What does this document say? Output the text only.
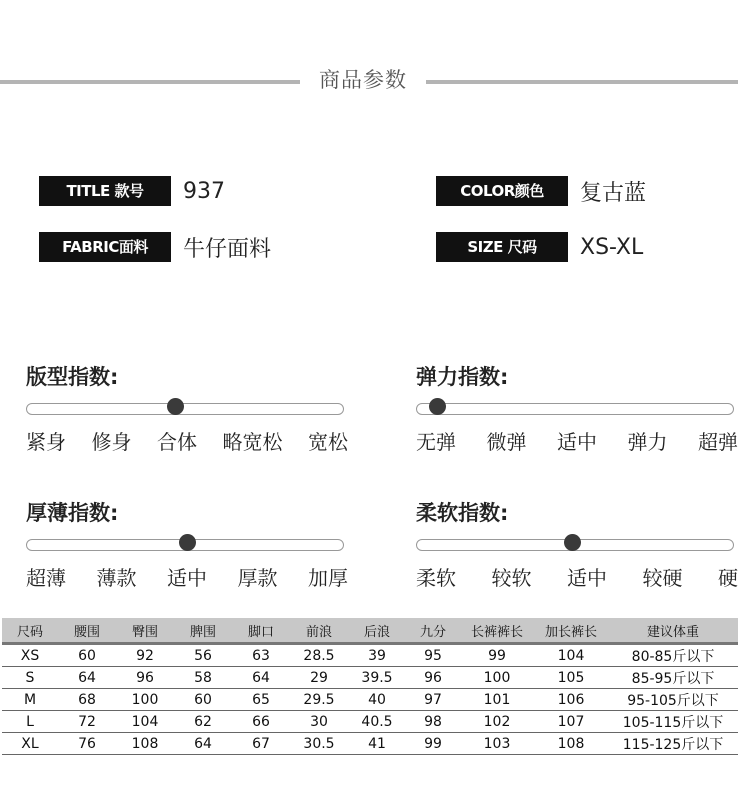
商品参数
TITLE 款号	937	COLOR颜色	复古蓝
FABRIC面料	牛仔面料	SIZE 尺码	XS-XL
版型指数:
紧身 修身 合体 略宽松 宽松
弹力指数:
无弹 微弹 适中 弹力 超弹
厚薄指数:
超薄 薄款 适中 厚款 加厚
柔软指数:
柔软 较软 适中 较硬 硬
尺码	腰围	臀围	脾围	脚口	前浪	后浪	九分	长裤裤长	加长裤长	建议体重
XS	60	92	56	63	28.5	39	95	99	104	80-85斤以下
S	64	96	58	64	29	39.5	96	100	105	85-95斤以下
M	68	100	60	65	29.5	40	97	101	106	95-105斤以下
L	72	104	62	66	30	40.5	98	102	107	105-115斤以下
XL	76	108	64	67	30.5	41	99	103	108	115-125斤以下
